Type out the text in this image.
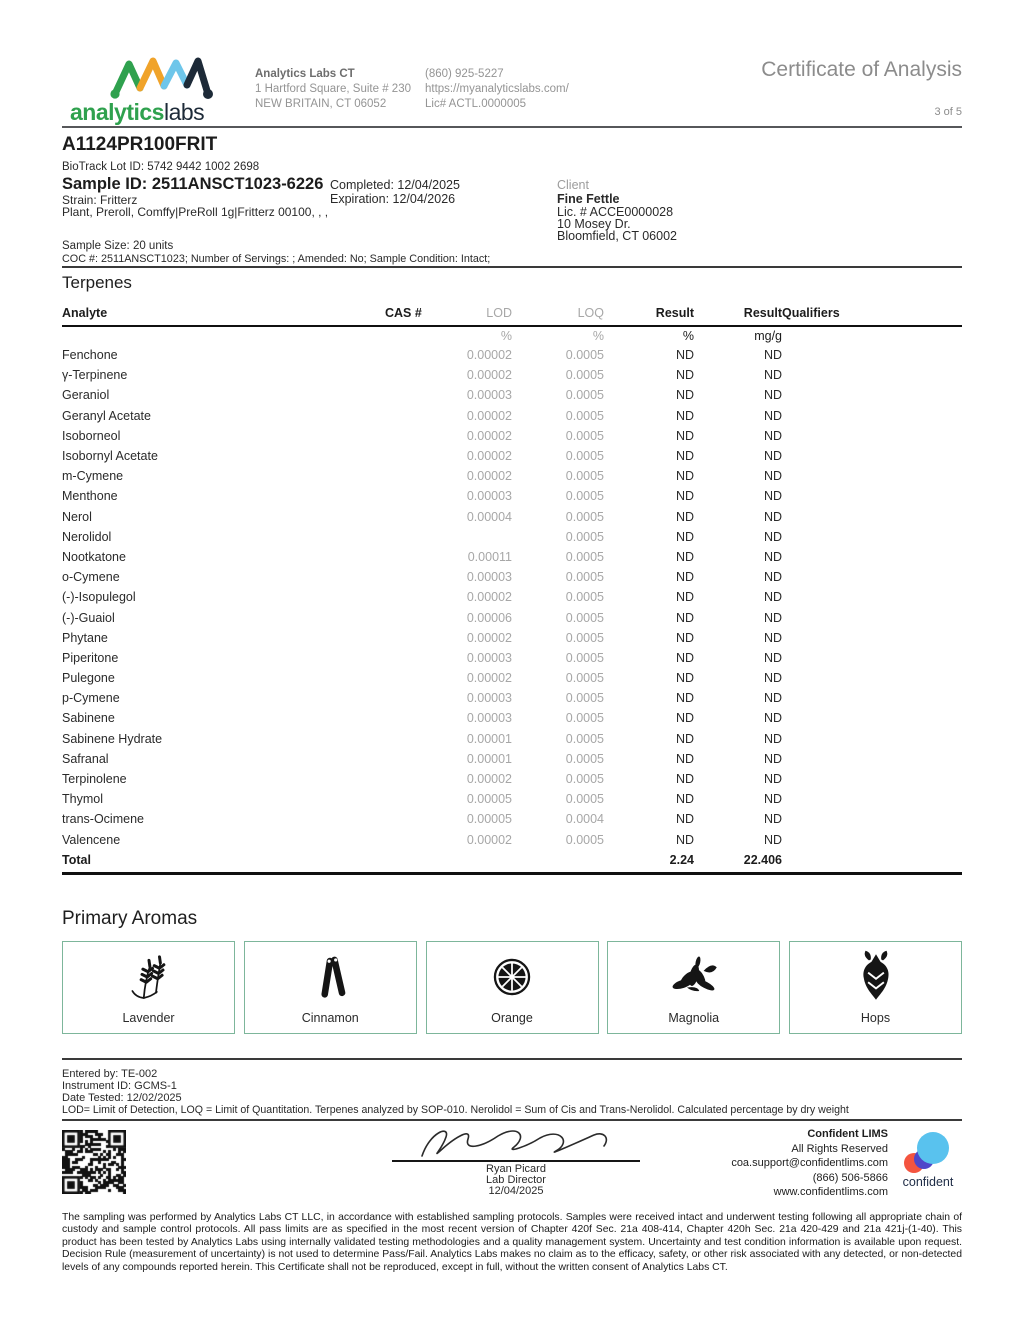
analyticslabs
Analytics Labs CT
1 Hartford Square, Suite # 230
NEW BRITAIN, CT 06052
(860) 925-5227
https://myanalyticslabs.com/
Lic# ACTL.0000005
Certificate of Analysis
3 of 5
A1124PR100FRIT
BioTrack Lot ID: 5742 9442 1002 2698
Sample ID: 2511ANSCT1023-6226
Strain: Fritterz
Plant, Preroll, Comffy|PreRoll 1g|Fritterz 00100, , ,
Completed: 12/04/2025
Expiration: 12/04/2026
Client
Fine Fettle
Lic. # ACCE0000028
10 Mosey Dr.
Bloomfield, CT 06002
Sample Size: 20 units
COC #: 2511ANSCT1023; Number of Servings: ; Amended: No; Sample Condition: Intact;
Terpenes
Analyte	CAS #	LOD	LOQ	Result	Result	Qualifiers
		%	%	%	mg/g	
Fenchone		0.00002	0.0005	ND	ND	
γ-Terpinene		0.00002	0.0005	ND	ND	
Geraniol		0.00003	0.0005	ND	ND	
Geranyl Acetate		0.00002	0.0005	ND	ND	
Isoborneol		0.00002	0.0005	ND	ND	
Isobornyl Acetate		0.00002	0.0005	ND	ND	
m-Cymene		0.00002	0.0005	ND	ND	
Menthone		0.00003	0.0005	ND	ND	
Nerol		0.00004	0.0005	ND	ND	
Nerolidol			0.0005	ND	ND	
Nootkatone		0.00011	0.0005	ND	ND	
o-Cymene		0.00003	0.0005	ND	ND	
(-)-Isopulegol		0.00002	0.0005	ND	ND	
(-)-Guaiol		0.00006	0.0005	ND	ND	
Phytane		0.00002	0.0005	ND	ND	
Piperitone		0.00003	0.0005	ND	ND	
Pulegone		0.00002	0.0005	ND	ND	
p-Cymene		0.00003	0.0005	ND	ND	
Sabinene		0.00003	0.0005	ND	ND	
Sabinene Hydrate		0.00001	0.0005	ND	ND	
Safranal		0.00001	0.0005	ND	ND	
Terpinolene		0.00002	0.0005	ND	ND	
Thymol		0.00005	0.0005	ND	ND	
trans-Ocimene		0.00005	0.0004	ND	ND	
Valencene		0.00002	0.0005	ND	ND	
Total				2.24	22.406	
Primary Aromas
Lavender	Cinnamon	Orange	Magnolia	Hops
Entered by: TE-002
Instrument ID: GCMS-1
Date Tested: 12/02/2025
LOD= Limit of Detection, LOQ = Limit of Quantitation. Terpenes analyzed by SOP-010. Nerolidol = Sum of Cis and Trans-Nerolidol. Calculated percentage by dry weight
Ryan Picard
Lab Director
12/04/2025
Confident LIMS
All Rights Reserved
coa.support@confidentlims.com
(866) 506-5866
www.confidentlims.com
confident
The sampling was performed by Analytics Labs CT LLC, in accordance with established sampling protocols. Samples were received intact and underwent testing following all appropriate chain of custody and sample control protocols. All pass limits are as specified in the most recent version of Chapter 420f Sec. 21a 408-414, Chapter 420h Sec. 21a 420-429 and 21a 421j-(1-40). This product has been tested by Analytics Labs using internally validated testing methodologies and a quality management system. Uncertainty and test condition information is available upon request. Decision Rule (measurement of uncertainty) is not used to determine Pass/Fail. Analytics Labs makes no claim as to the efficacy, safety, or other risk associated with any detected, or non-detected levels of any compounds reported herein. This Certificate shall not be reproduced, except in full, without the written consent of Analytics Labs CT.
